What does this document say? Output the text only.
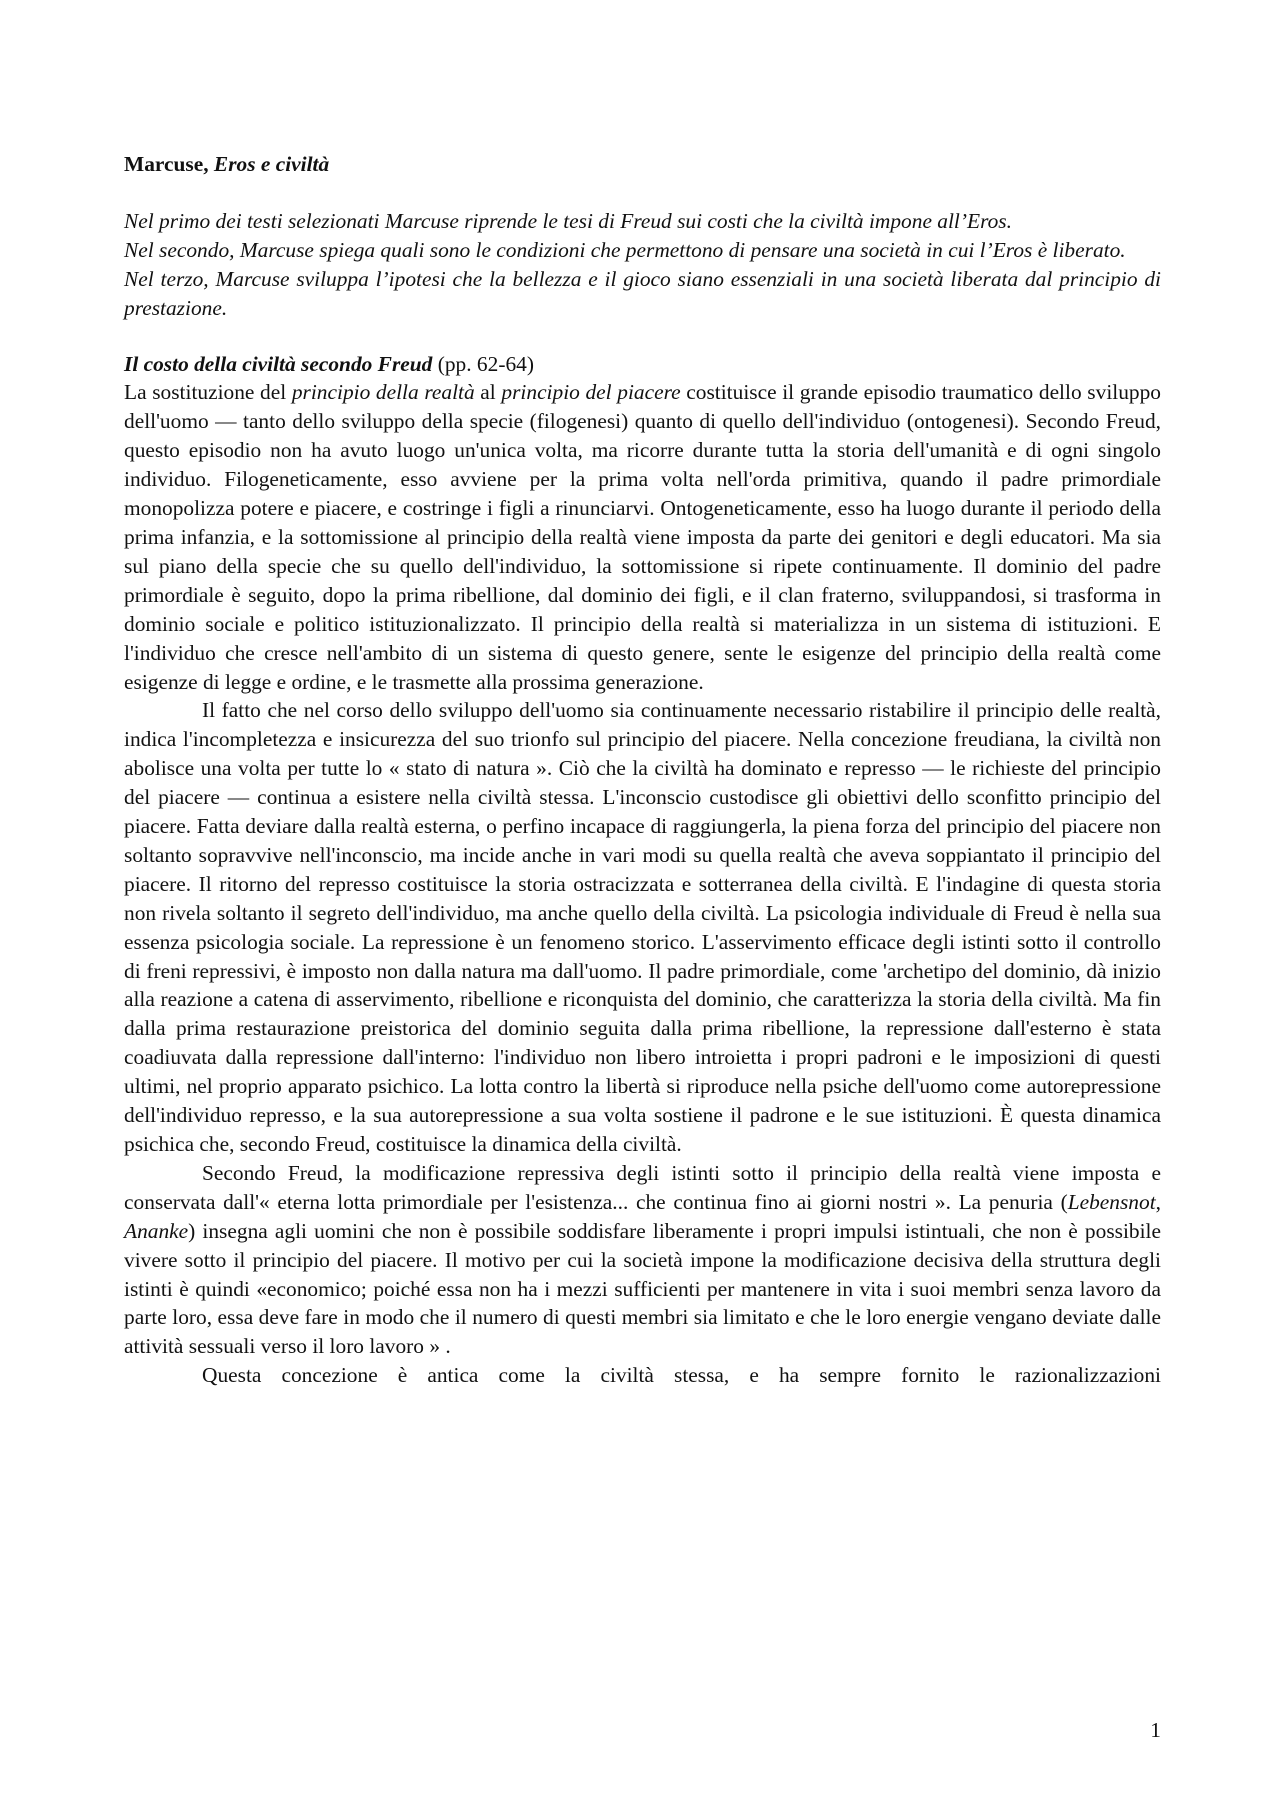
Marcuse, Eros e civiltà

Nel primo dei testi selezionati Marcuse riprende le tesi di Freud sui costi che la civiltà impone all’Eros.

Nel secondo, Marcuse spiega quali sono le condizioni che permettono di pensare una società in cui l’Eros è liberato.

Nel terzo, Marcuse sviluppa l’ipotesi che la bellezza e il gioco siano essenziali in una società liberata dal principio di prestazione.

Il costo della civiltà secondo Freud (pp. 62-64)

La sostituzione del principio della realtà al principio del piacere costituisce il grande episodio traumatico dello sviluppo dell'uomo — tanto dello sviluppo della specie (filogenesi) quanto di quello dell'individuo (ontogenesi). Secondo Freud, questo episodio non ha avuto luogo un'unica volta, ma ricorre durante tutta la storia dell'umanità e di ogni singolo individuo. Filogeneticamente, esso avviene per la prima volta nell'orda primitiva, quando il padre primordiale monopolizza potere e piacere, e costringe i figli a rinunciarvi. Ontogeneticamente, esso ha luogo durante il periodo della prima infanzia, e la sottomissione al principio della realtà viene imposta da parte dei genitori e degli educatori. Ma sia sul piano della specie che su quello dell'individuo, la sottomissione si ripete continuamente. Il dominio del padre primordiale è seguito, dopo la prima ribellione, dal dominio dei figli, e il clan fraterno, sviluppandosi, si trasforma in dominio sociale e politico istituzionalizzato. Il principio della realtà si materializza in un sistema di istituzioni. E l'individuo che cresce nell'ambito di un sistema di questo genere, sente le esigenze del principio della realtà come esigenze di legge e ordine, e le trasmette alla prossima generazione.

Il fatto che nel corso dello sviluppo dell'uomo sia continuamente necessario ristabilire il principio delle realtà, indica l'incompletezza e insicurezza del suo trionfo sul principio del piacere. Nella concezione freudiana, la civiltà non abolisce una volta per tutte lo « stato di natura ». Ciò che la civiltà ha dominato e represso — le richieste del principio del piacere — continua a esistere nella civiltà stessa. L'inconscio custodisce gli obiettivi dello sconfitto principio del piacere. Fatta deviare dalla realtà esterna, o perfino incapace di raggiungerla, la piena forza del principio del piacere non soltanto sopravvive nell'inconscio, ma incide anche in vari modi su quella realtà che aveva soppiantato il principio del piacere. Il ritorno del represso costituisce la storia ostracizzata e sotterranea della civiltà. E l'indagine di questa storia non rivela soltanto il segreto dell'individuo, ma anche quello della civiltà. La psicologia individuale di Freud è nella sua essenza psicologia sociale. La repressione è un fenomeno storico. L'asservimento efficace degli istinti sotto il controllo di freni repressivi, è imposto non dalla natura ma dall'uomo. Il padre primordiale, come 'archetipo del dominio, dà inizio alla reazione a catena di asservimento, ribellione e riconquista del dominio, che caratterizza la storia della civiltà. Ma fin dalla prima restaurazione preistorica del dominio seguita dalla prima ribellione, la repressione dall'esterno è stata coadiuvata dalla repressione dall'interno: l'individuo non libero introietta i propri padroni e le imposizioni di questi ultimi, nel proprio apparato psichico. La lotta contro la libertà si riproduce nella psiche dell'uomo come autorepressione dell'individuo represso, e la sua autorepressione a sua volta sostiene il padrone e le sue istituzioni. È questa dinamica psichica che, secondo Freud, costituisce la dinamica della civiltà.

Secondo Freud, la modificazione repressiva degli istinti sotto il principio della realtà viene imposta e conservata dall'« eterna lotta primordiale per l'esistenza... che continua fino ai giorni nostri ». La penuria (Lebensnot, Ananke) insegna agli uomini che non è possibile soddisfare liberamente i propri impulsi istintuali, che non è possibile vivere sotto il principio del piacere. Il motivo per cui la società impone la modificazione decisiva della struttura degli istinti è quindi «economico; poiché essa non ha i mezzi sufficienti per mantenere in vita i suoi membri senza lavoro da parte loro, essa deve fare in modo che il numero di questi membri sia limitato e che le loro energie vengano deviate dalle attività sessuali verso il loro lavoro » .

Questa concezione è antica come la civiltà stessa, e ha sempre fornito le razionalizzazioni

1
